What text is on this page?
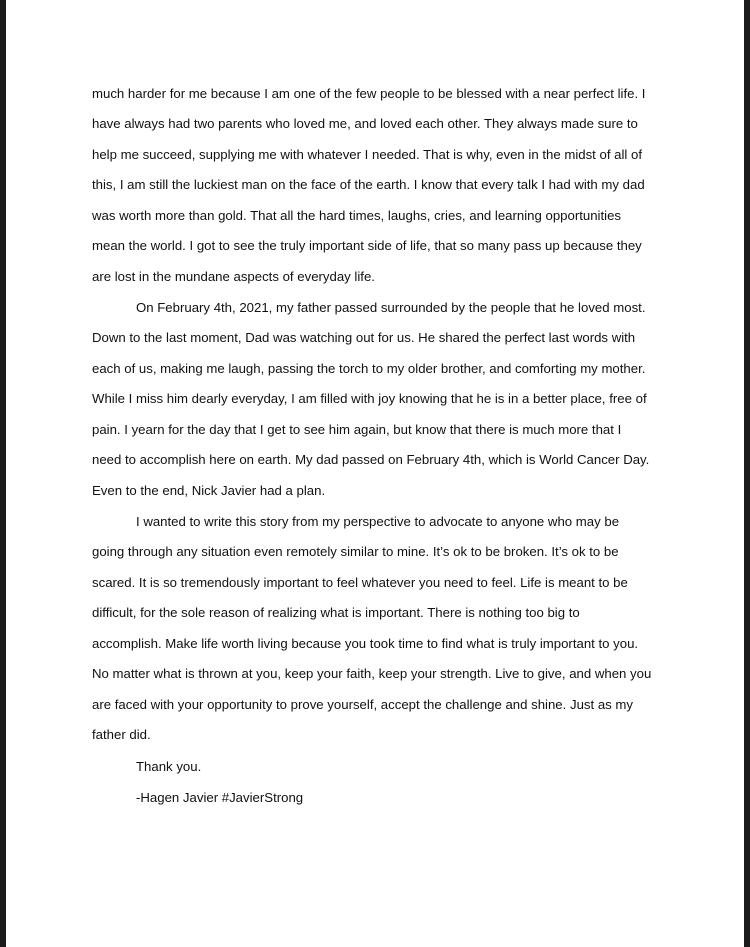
much harder for me because I am one of the few people to be blessed with a near perfect life. I
have always had two parents who loved me, and loved each other. They always made sure to
help me succeed, supplying me with whatever I needed. That is why, even in the midst of all of
this, I am still the luckiest man on the face of the earth. I know that every talk I had with my dad
was worth more than gold. That all the hard times, laughs, cries, and learning opportunities
mean the world. I got to see the truly important side of life, that so many pass up because they
are lost in the mundane aspects of everyday life.
On February 4th, 2021, my father passed surrounded by the people that he loved most.
Down to the last moment, Dad was watching out for us. He shared the perfect last words with
each of us, making me laugh, passing the torch to my older brother, and comforting my mother.
While I miss him dearly everyday, I am filled with joy knowing that he is in a better place, free of
pain. I yearn for the day that I get to see him again, but know that there is much more that I
need to accomplish here on earth. My dad passed on February 4th, which is World Cancer Day.
Even to the end, Nick Javier had a plan.
I wanted to write this story from my perspective to advocate to anyone who may be
going through any situation even remotely similar to mine. It’s ok to be broken. It’s ok to be
scared. It is so tremendously important to feel whatever you need to feel. Life is meant to be
difficult, for the sole reason of realizing what is important. There is nothing too big to
accomplish. Make life worth living because you took time to find what is truly important to you.
No matter what is thrown at you, keep your faith, keep your strength. Live to give, and when you
are faced with your opportunity to prove yourself, accept the challenge and shine. Just as my
father did.
Thank you.
-Hagen Javier #JavierStrong
